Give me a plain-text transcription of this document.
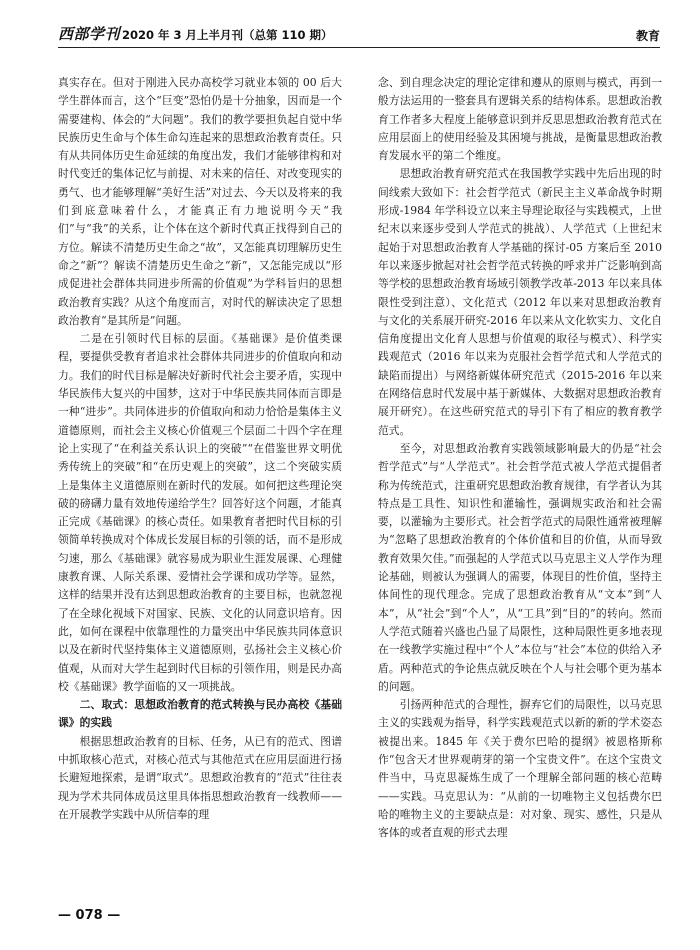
西部学刊 2020 年 3 月上半月刊（总第 110 期）	教育

真实存在。但对于刚进入民办高校学习就业本领的 00 后大学生群体而言，这个“巨变”恐怕仍是十分抽象，因而是一个需要建构、体会的“大问题”。我们的教学要担负起自觉中华民族历史生命与个体生命勾连起来的思想政治教育责任。只有从共同体历史生命延续的角度出发，我们才能够律构和对时代变迁的集体记忆与前提、对未来的信任、对改变现实的勇气、也才能够理解“美好生活”对过去、今天以及将来的我们到底意味着什么，才能真正有力地说明今天“我们”与“我”的关系，让个体在这个新时代真正找得到自己的方位。解读不清楚历史生命之“故”，又怎能真切理解历史生命之“新”？解读不清楚历史生命之“新”，又怎能完成以“形成促进社会群体共同进步所需的价值观”为学科旨归的思想政治教育实践？从这个角度而言，对时代的解读决定了思想政治教育“是其所是”问题。

二是在引领时代目标的层面。《基础课》是价值类课程，要提供受教育者追求社会群体共同进步的价值取向和动力。我们的时代目标是解决好新时代社会主要矛盾，实现中华民族伟大复兴的中国梦，这对于中华民族共同体而言即是一种“进步”。共同体进步的价值取向和动力恰恰是集体主义道德原则，而社会主义核心价值观三个层面二十四个字在理论上实现了“在利益关系认识上的突破”“在借鉴世界文明优秀传统上的突破”和“在历史观上的突破”，这二个突破实质上是集体主义道德原则在新时代的发展。如何把这些理论突破的磅礴力量有效地传递给学生？回答好这个问题，才能真正完成《基础课》的核心责任。如果教育者把时代目标的引领简单转换成对个体成长发展目标的引领的话，而不是形成匀速，那么《基础课》就容易成为职业生涯发展课、心理健康教育课、人际关系课、爱情社会学课和成功学等。显然，这样的结果并没有达到思想政治教育的主要目标，也就忽视了在全球化视域下对国家、民族、文化的认同意识培育。因此，如何在课程中依靠理性的力量突出中华民族共同体意识以及在新时代坚持集体主义道德原则，弘扬社会主义核心价值观，从而对大学生起到时代目标的引领作用，则是民办高校《基础课》教学面临的又一项挑战。

二、取式：思想政治教育的范式转换与民办高校《基础课》的实践

根据思想政治教育的目标、任务，从已有的范式、图谱中抓取核心范式，对核心范式与其他范式在应用层面进行扬长避短地探索，是谓“取式”。思想政治教育的“范式”往往表现为学术共同体成员这里具体指思想政治教育一线教师——在开展教学实践中从所信奉的理

念、到自理念决定的理论定律和遵从的原则与模式，再到一般方法运用的一整套具有逻辑关系的结构体系。思想政治教育工作者多大程度上能够意识到并反思思想政治教育范式在应用层面上的使用经验及其困境与挑战，是衡量思想政治教育发展水平的第二个维度。

思想政治教育研究范式在我国教学实践中先后出现的时间线索大致如下：社会哲学范式（新民主主义革命战争时期形成-1984 年学科设立以来主导理论取径与实践模式，上世纪末以来逐步受到人学范式的挑战）、人学范式（上世纪末起始于对思想政治教育人学基础的探讨-05 方案后至 2010 年以来逐步掀起对社会哲学范式转换的呼求并广泛影响到高等学校的思想政治教育场域引领教学改革-2013 年以来具体限性受到注意）、文化范式（2012 年以来对思想政治教育与文化的关系展开研究-2016 年以来从文化软实力、文化自信角度提出文化育人思想与价值观的取径与模式）、科学实践观范式（2016 年以来为克服社会哲学范式和人学范式的缺陷而提出）与网络新媒体研究范式（2015-2016 年以来在网络信息时代发展中基于新媒体、大数据对思想政治教育展开研究）。在这些研究范式的导引下有了相应的教育教学范式。

至今，对思想政治教育实践领域影响最大的仍是“社会哲学范式”与“人学范式”。社会哲学范式被人学范式提倡者称为传统范式，注重研究思想政治教育规律，有学者认为其特点是工具性、知识性和灌输性，强调规实政治和社会需要，以灌输为主要形式。社会哲学范式的局限性通常被理解为“忽略了思想政治教育的个体价值和目的价值，从而导致教育效果欠佳。”而强起的人学范式以马克思主义人学作为理论基础，则被认为强调人的需要，体现目的性价值，坚持主体间性的现代理念。完成了思想政治教育从“文本”到“人本”，从“社会”到“个人”，从“工具”到“目的”的转向。然而人学范式随着兴盛也凸显了局限性，这种局限性更多地表现在一线教学实施过程中“个人”本位与“社会”本位的供给入矛盾。两种范式的争论焦点就反映在个人与社会哪个更为基本的问题。

引扬两种范式的合理性，摒弃它们的局限性，以马克思主义的实践观为指导，科学实践观范式以新的新的学术姿态被提出来。1845 年《关于费尔巴哈的提纲》被恩格斯称作“包含天才世界观萌芽的第一个宝贵文件”。在这个宝贵文件当中，马克思凝炼生成了一个理解全部问题的核心范畴——实践。马克思认为：“从前的一切唯物主义包括费尔巴哈的唯物主义的主要缺点是：对对象、现实、感性，只是从客体的或者直观的形式去理

— 078 —
